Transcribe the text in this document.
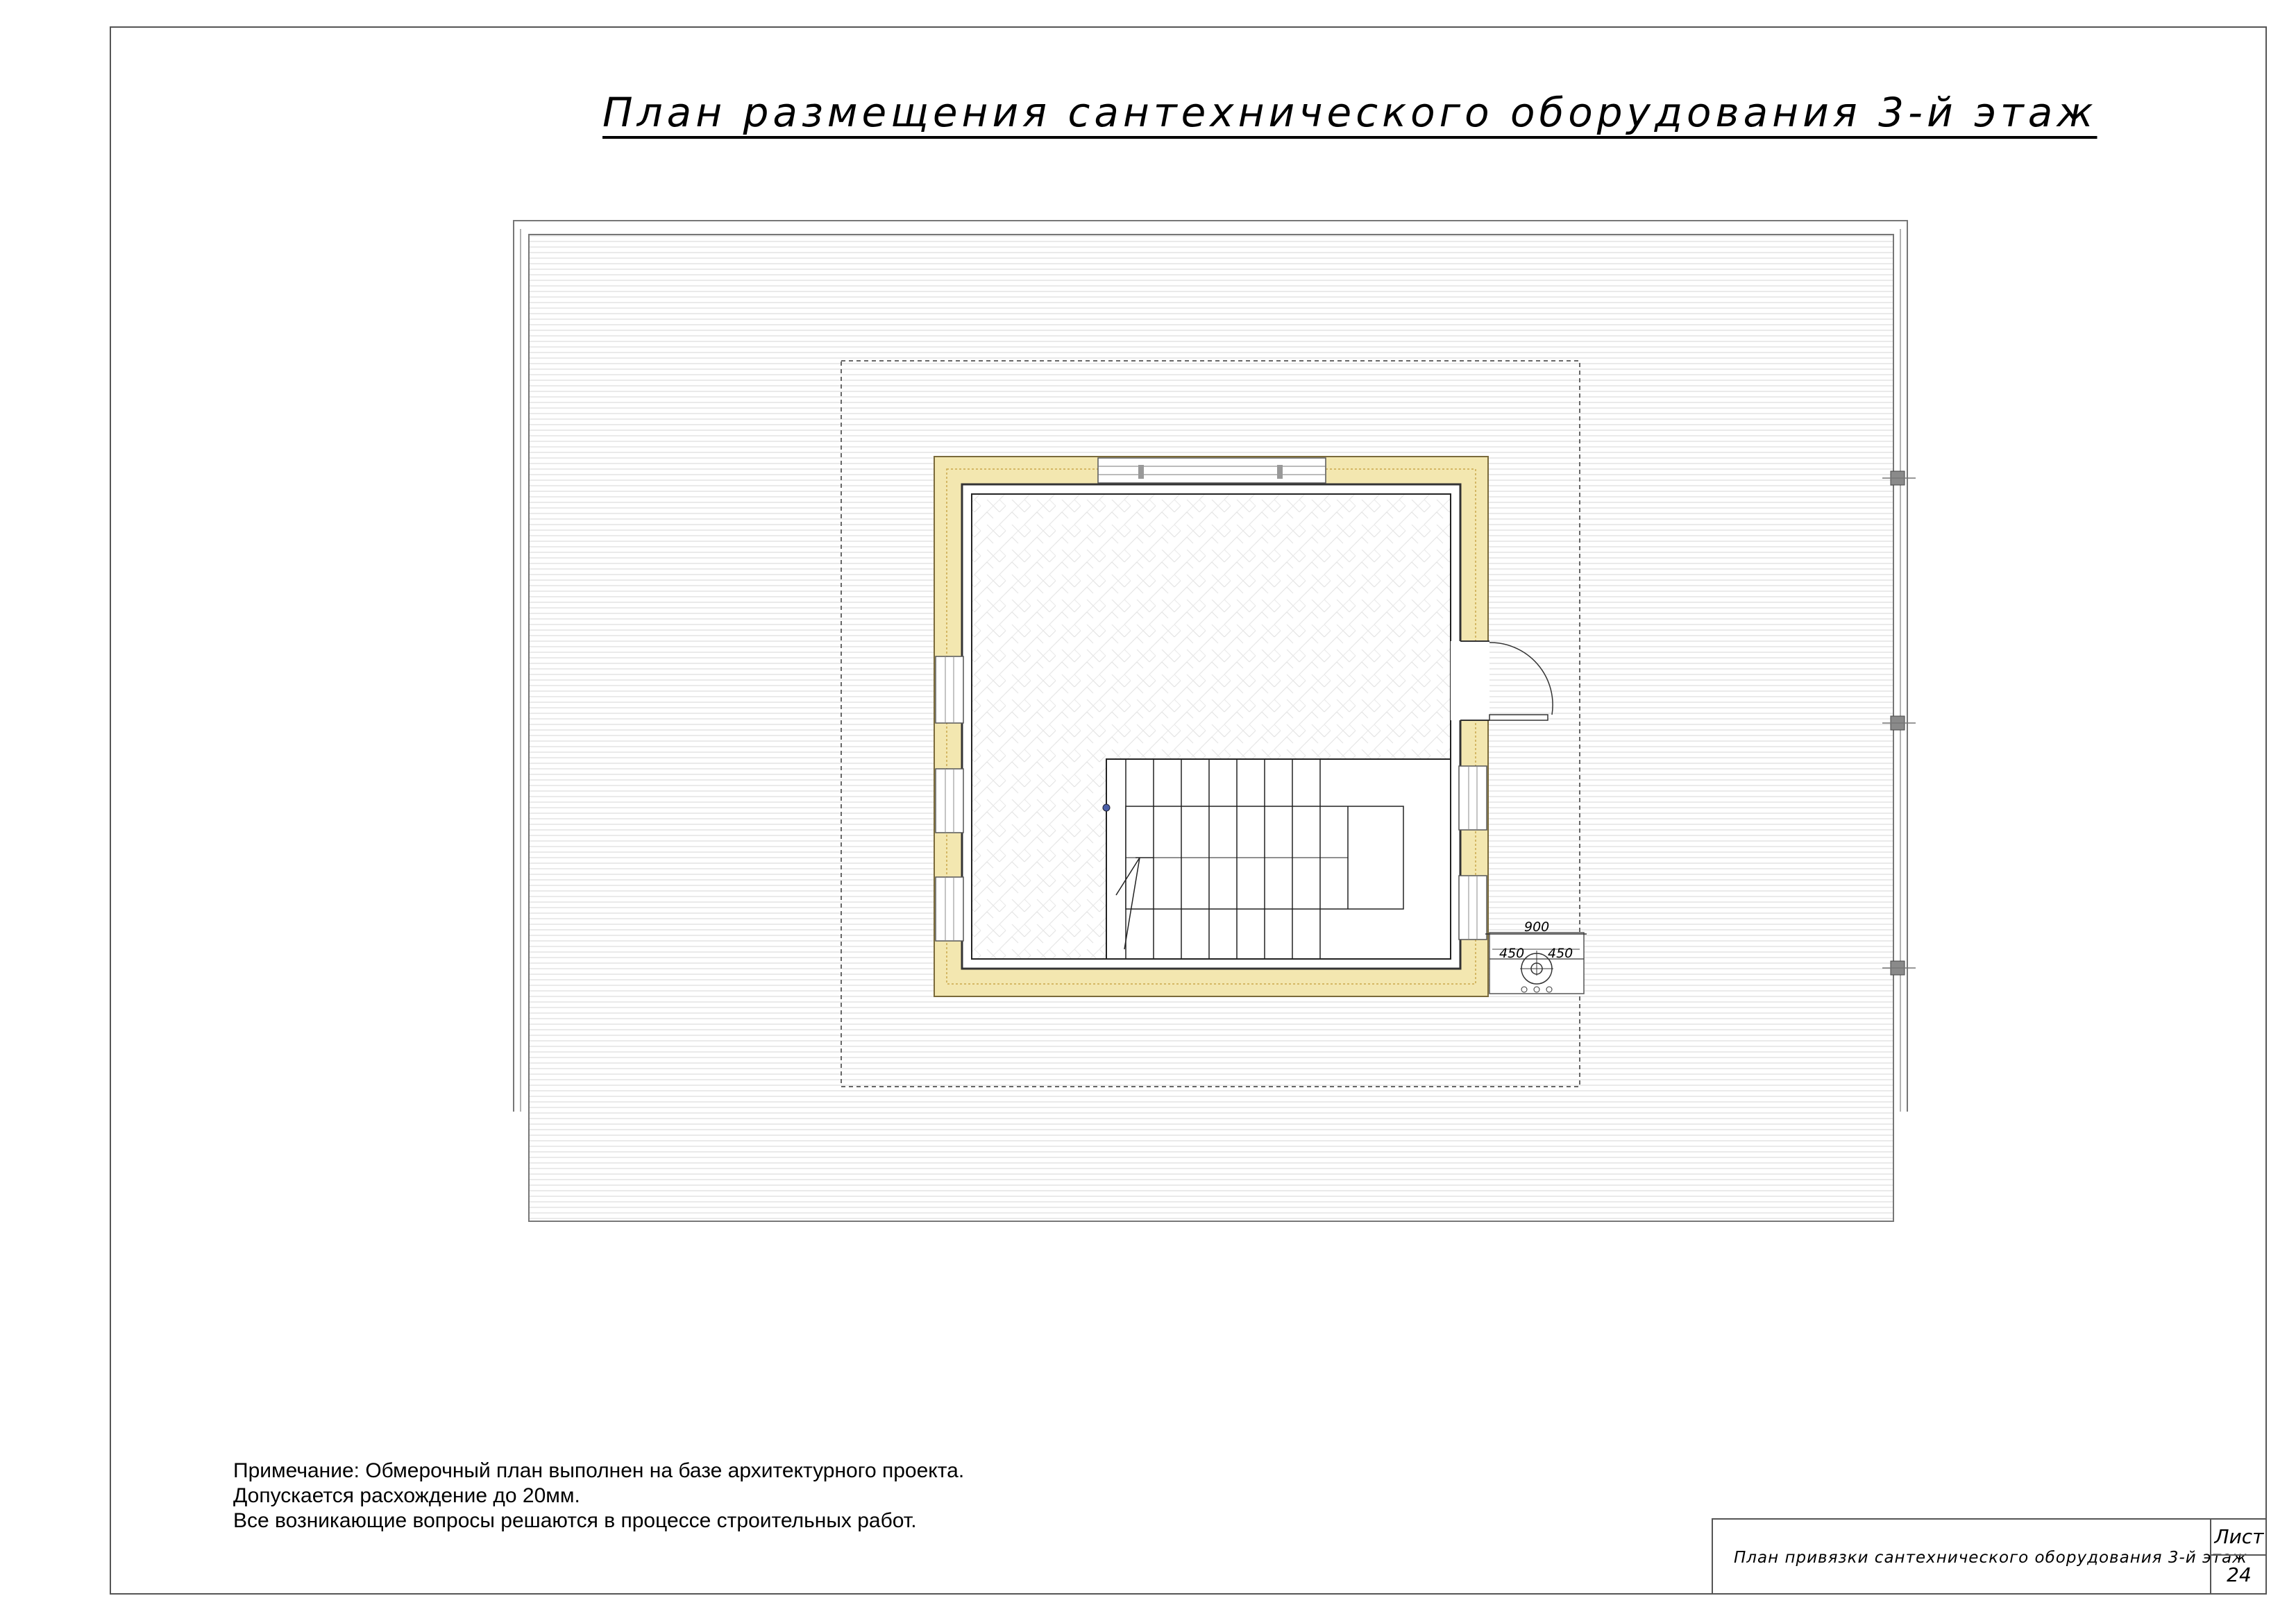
План размещения сантехнического оборудования 3-й этаж
900
450 450
Примечание: Обмерочный план выполнен на базе архитектурного проекта.
Допускается расхождение до 20мм.
Все возникающие вопросы решаются в процессе строительных работ.
План привязки сантехнического оборудования 3-й этаж
Лист
24
